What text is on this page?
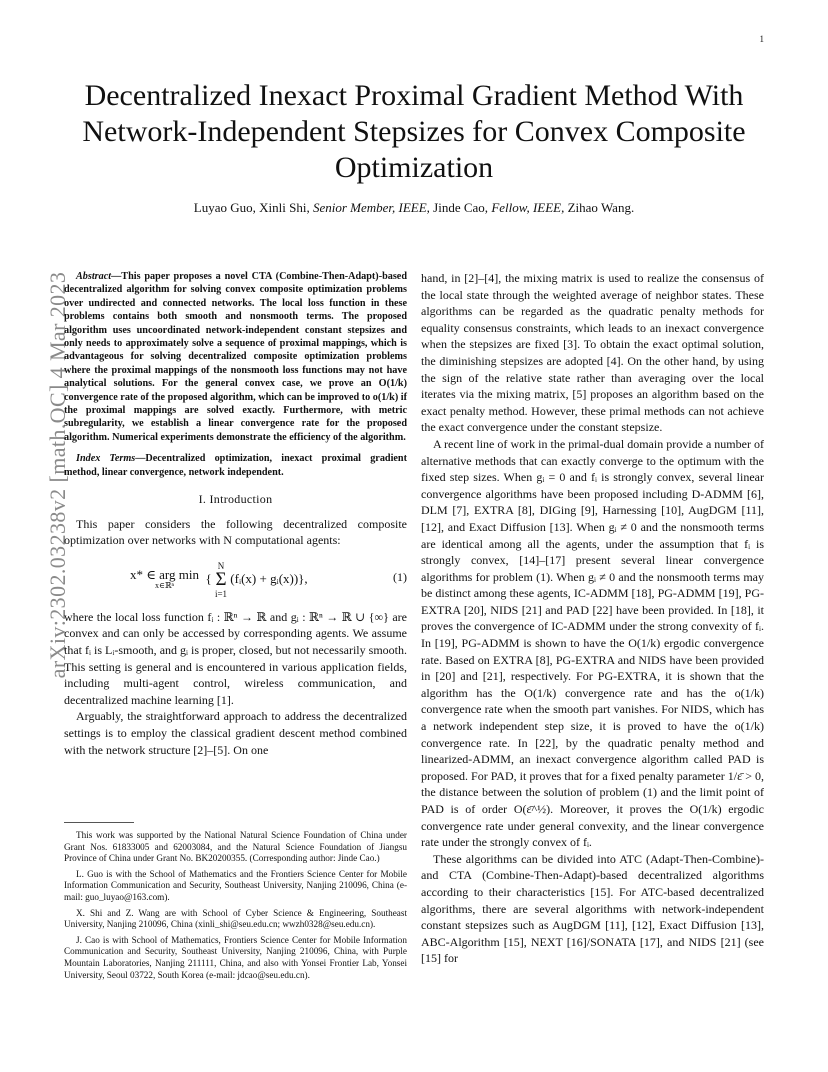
1
arXiv:2302.03238v2 [math.OC] 4 Mar 2023
Decentralized Inexact Proximal Gradient Method With Network-Independent Stepsizes for Convex Composite Optimization
Luyao Guo, Xinli Shi, Senior Member, IEEE, Jinde Cao, Fellow, IEEE, Zihao Wang.

Abstract—This paper proposes a novel CTA (Combine-Then-Adapt)-based decentralized algorithm for solving convex composite optimization problems over undirected and connected networks. The local loss function in these problems contains both smooth and nonsmooth terms. The proposed algorithm uses uncoordinated network-independent constant stepsizes and only needs to approximately solve a sequence of proximal mappings, which is advantageous for solving decentralized composite optimization problems where the proximal mappings of the nonsmooth loss functions may not have analytical solutions. For the general convex case, we prove an O(1/k) convergence rate of the proposed algorithm, which can be improved to o(1/k) if the proximal mappings are solved exactly. Furthermore, with metric subregularity, we establish a linear convergence rate for the proposed algorithm. Numerical experiments demonstrate the efficiency of the algorithm.

Index Terms—Decentralized optimization, inexact proximal gradient method, linear convergence, network independent.

I. Introduction

This paper considers the following decentralized composite optimization over networks with N computational agents:

x* ∈ arg min
x∈ℝⁿ	{ N
Σ
i=1 (fᵢ(x) + gᵢ(x))},	(1)

where the local loss function fᵢ : ℝⁿ → ℝ and gᵢ : ℝⁿ → ℝ ∪ {∞} are convex and can only be accessed by corresponding agents. We assume that fᵢ is Lᵢ-smooth, and gᵢ is proper, closed, but not necessarily smooth. This setting is general and is encountered in various application fields, including multi-agent control, wireless communication, and decentralized machine learning [1].

Arguably, the straightforward approach to address the decentralized settings is to employ the classical gradient descent method combined with the network structure [2]–[5]. On one

This work was supported by the National Natural Science Foundation of China under Grant Nos. 61833005 and 62003084, and the Natural Science Foundation of Jiangsu Province of China under Grant No. BK20200355. (Corresponding author: Jinde Cao.)

L. Guo is with the School of Mathematics and the Frontiers Science Center for Mobile Information Communication and Security, Southeast University, Nanjing 210096, China (e-mail: guo_luyao@163.com).

X. Shi and Z. Wang are with School of Cyber Science & Engineering, Southeast University, Nanjing 210096, China (xinli_shi@seu.edu.cn; wwzh0328@seu.edu.cn).

J. Cao is with School of Mathematics, Frontiers Science Center for Mobile Information Communication and Security, Southeast University, Nanjing 210096, China, with Purple Mountain Laboratories, Nanjing 211111, China, and also with Yonsei Frontier Lab, Yonsei University, Seoul 03722, South Korea (e-mail: jdcao@seu.edu.cn).

hand, in [2]–[4], the mixing matrix is used to realize the consensus of the local state through the weighted average of neighbor states. These algorithms can be regarded as the quadratic penalty methods for equality consensus constraints, which leads to an inexact convergence when the stepsizes are fixed [3]. To obtain the exact optimal solution, the diminishing stepsizes are adopted [4]. On the other hand, by using the sign of the relative state rather than averaging over the local iterates via the mixing matrix, [5] proposes an algorithm based on the exact penalty method. However, these primal methods can not achieve the exact convergence under the constant stepsize.

A recent line of work in the primal-dual domain provide a number of alternative methods that can exactly converge to the optimum with the fixed step sizes. When gᵢ = 0 and fᵢ is strongly convex, several linear convergence algorithms have been proposed including D-ADMM [6], DLM [7], EXTRA [8], DIGing [9], Harnessing [10], AugDGM [11], [12], and Exact Diffusion [13]. When gᵢ ≠ 0 and the nonsmooth terms are identical among all the agents, under the assumption that fᵢ is strongly convex, [14]–[17] present several linear convergence algorithms for problem (1). When gᵢ ≠ 0 and the nonsmooth terms may be distinct among these agents, IC-ADMM [18], PG-ADMM [19], PG-EXTRA [20], NIDS [21] and PAD [22] have been provided. In [18], it proves the convergence of IC-ADMM under the strong convexity of fᵢ. In [19], PG-ADMM is shown to have the O(1/k) ergodic convergence rate. Based on EXTRA [8], PG-EXTRA and NIDS have been provided in [20] and [21], respectively. For PG-EXTRA, it is shown that the algorithm has the O(1/k) convergence rate and has the o(1/k) convergence rate when the smooth part vanishes. For NIDS, which has a network independent step size, it is proved to have the o(1/k) convergence rate. In [22], by the quadratic penalty method and linearized-ADMM, an inexact convergence algorithm called PAD is proposed. For PAD, it proves that for a fixed penalty parameter 1/ε̄ > 0, the distance between the solution of problem (1) and the limit point of PAD is of order O(ε̄^½). Moreover, it proves the O(1/k) ergodic convergence rate under general convexity, and the linear convergence rate under the strongly convex of fᵢ.

These algorithms can be divided into ATC (Adapt-Then-Combine)- and CTA (Combine-Then-Adapt)-based decentralized algorithms according to their characteristics [15]. For ATC-based decentralized algorithms, there are several algorithms with network-independent constant stepsizes such as AugDGM [11], [12], Exact Diffusion [13], ABC-Algorithm [15], NEXT [16]/SONATA [17], and NIDS [21] (see [15] for
